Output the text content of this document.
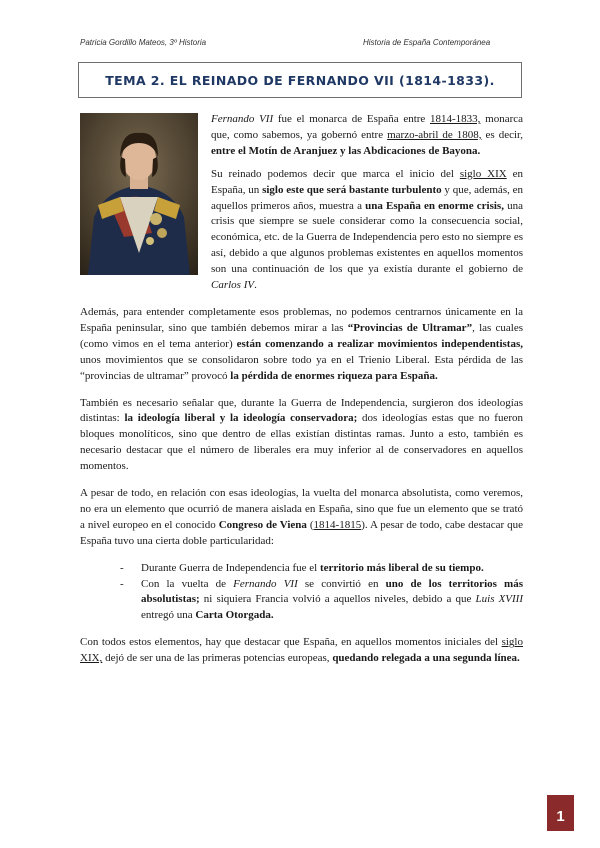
Patricia Gordillo Mateos, 3º Historia	Historia de España Contemporánea
TEMA 2. EL REINADO DE FERNANDO VII (1814-1833).

Fernando VII fue el monarca de España entre 1814-1833, monarca que, como sabemos, ya gobernó entre marzo-abril de 1808, es decir, entre el Motín de Aranjuez y las Abdicaciones de Bayona.

Su reinado podemos decir que marca el inicio del siglo XIX en España, un siglo este que será bastante turbulento y que, además, en aquellos primeros años, muestra a una España en enorme crisis, una crisis que siempre se suele considerar como la consecuencia social, económica, etc. de la Guerra de Independencia pero esto no siempre es así, debido a que algunos problemas existentes en aquellos momentos son una continuación de los que ya existía durante el gobierno de Carlos IV.

Además, para entender completamente esos problemas, no podemos centrarnos únicamente en la España peninsular, sino que también debemos mirar a las “Provincias de Ultramar”, las cuales (como vimos en el tema anterior) están comenzando a realizar movimientos independentistas, unos movimientos que se consolidaron sobre todo ya en el Trienio Liberal. Esta pérdida de las “provincias de ultramar” provocó la pérdida de enormes riqueza para España.

También es necesario señalar que, durante la Guerra de Independencia, surgieron dos ideologías distintas: la ideología liberal y la ideología conservadora; dos ideologías estas que no fueron bloques monolíticos, sino que dentro de ellas existían distintas ramas. Junto a esto, también es necesario destacar que el número de liberales era muy inferior al de conservadores en aquellos momentos.

A pesar de todo, en relación con esas ideologías, la vuelta del monarca absolutista, como veremos, no era un elemento que ocurrió de manera aislada en España, sino que fue un elemento que se trató a nivel europeo en el conocido Congreso de Viena (1814-1815). A pesar de todo, cabe destacar que España tuvo una cierta doble particularidad:

- Durante Guerra de Independencia fue el territorio más liberal de su tiempo.
- Con la vuelta de Fernando VII se convirtió en uno de los territorios más absolutistas; ni siquiera Francia volvió a aquellos niveles, debido a que Luis XVIII entregó una Carta Otorgada.

Con todos estos elementos, hay que destacar que España, en aquellos momentos iniciales del siglo XIX, dejó de ser una de las primeras potencias europeas, quedando relegada a una segunda línea.

1
